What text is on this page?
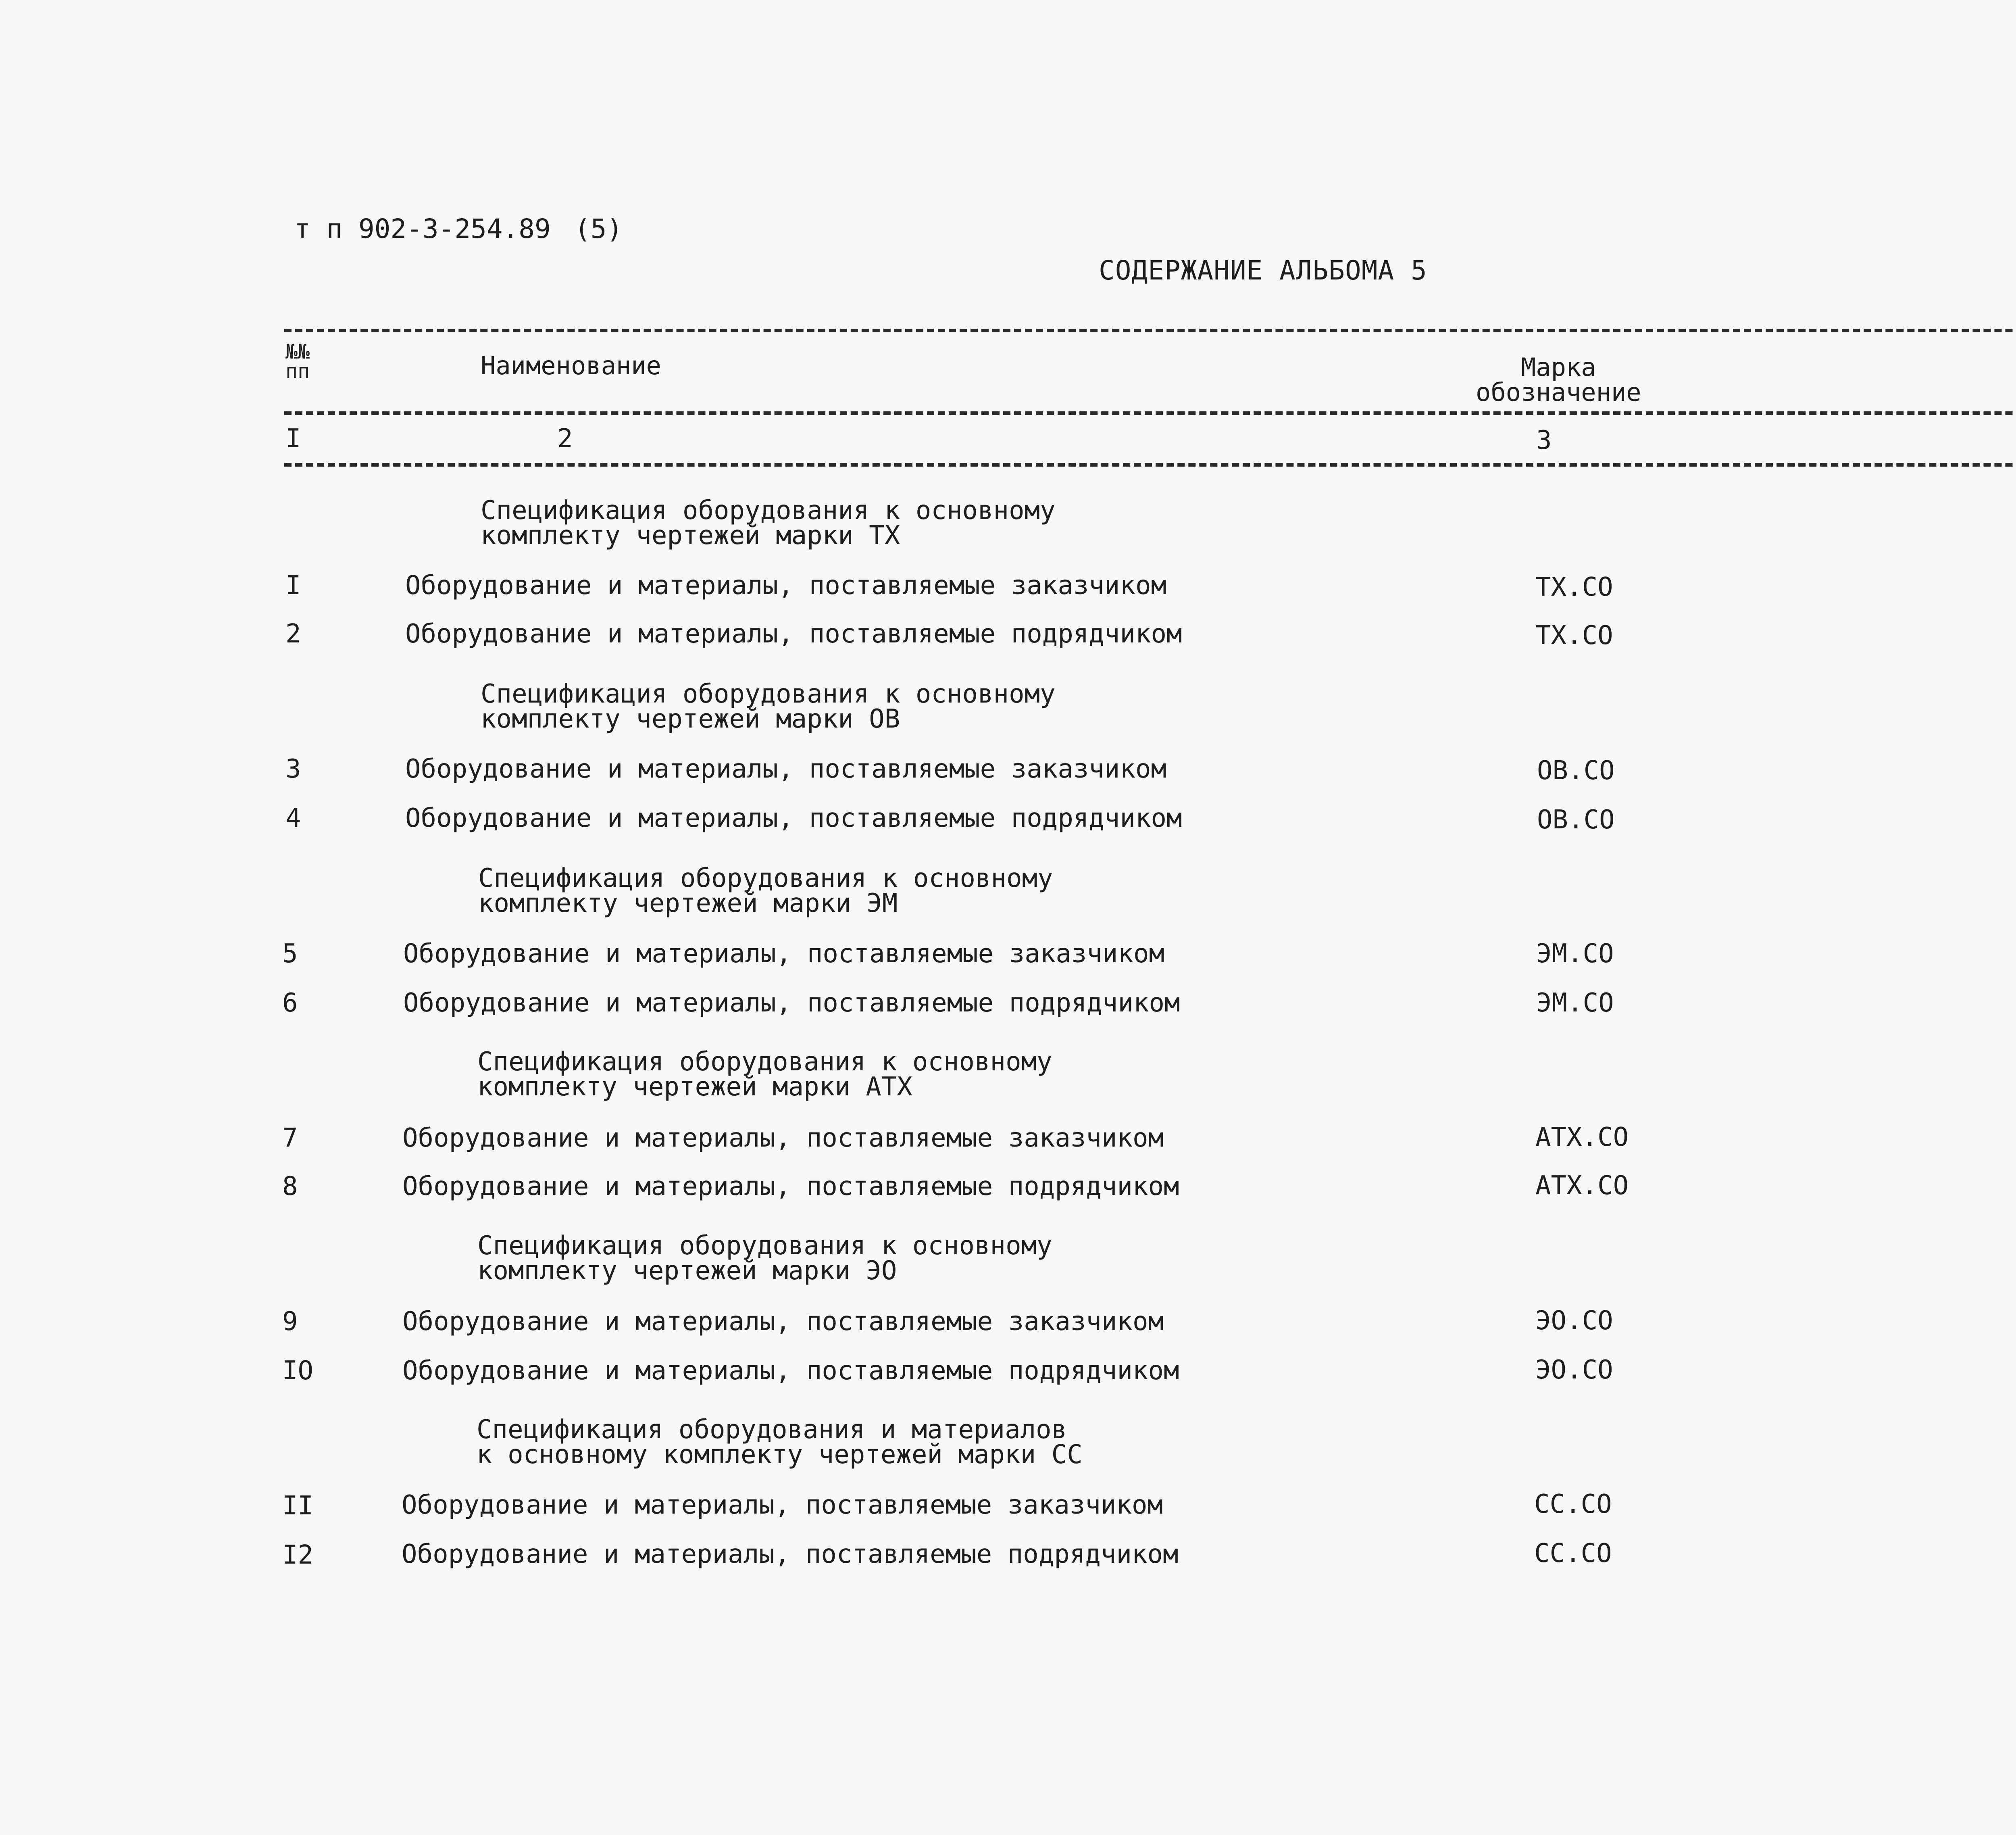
т п 902-3-254.89 (5)
СОДЕРЖАНИЕ АЛЬБОМА 5
№№
пп	Наименование	Марка
обозначение
I	2	3
Спецификация оборудования к основному
комплекту чертежей марки ТХ
I	Оборудование и материалы, поставляемые заказчиком	ТХ.СО
2	Оборудование и материалы, поставляемые подрядчиком	ТХ.СО
Спецификация оборудования к основному
комплекту чертежей марки ОВ
3	Оборудование и материалы, поставляемые заказчиком	ОВ.СО
4	Оборудование и материалы, поставляемые подрядчиком	ОВ.СО
Спецификация оборудования к основному
комплекту чертежей марки ЭМ
5	Оборудование и материалы, поставляемые заказчиком	ЭМ.СО
6	Оборудование и материалы, поставляемые подрядчиком	ЭМ.СО
Спецификация оборудования к основному
комплекту чертежей марки АТХ
7	Оборудование и материалы, поставляемые заказчиком	АТХ.СО
8	Оборудование и материалы, поставляемые подрядчиком	АТХ.СО
Спецификация оборудования к основному
комплекту чертежей марки ЭО
9	Оборудование и материалы, поставляемые заказчиком	ЭО.СО
IO	Оборудование и материалы, поставляемые подрядчиком	ЭО.СО
Спецификация оборудования и материалов
к основному комплекту чертежей марки СС
II	Оборудование и материалы, поставляемые заказчиком	СС.СО
I2	Оборудование и материалы, поставляемые подрядчиком	СС.СО
